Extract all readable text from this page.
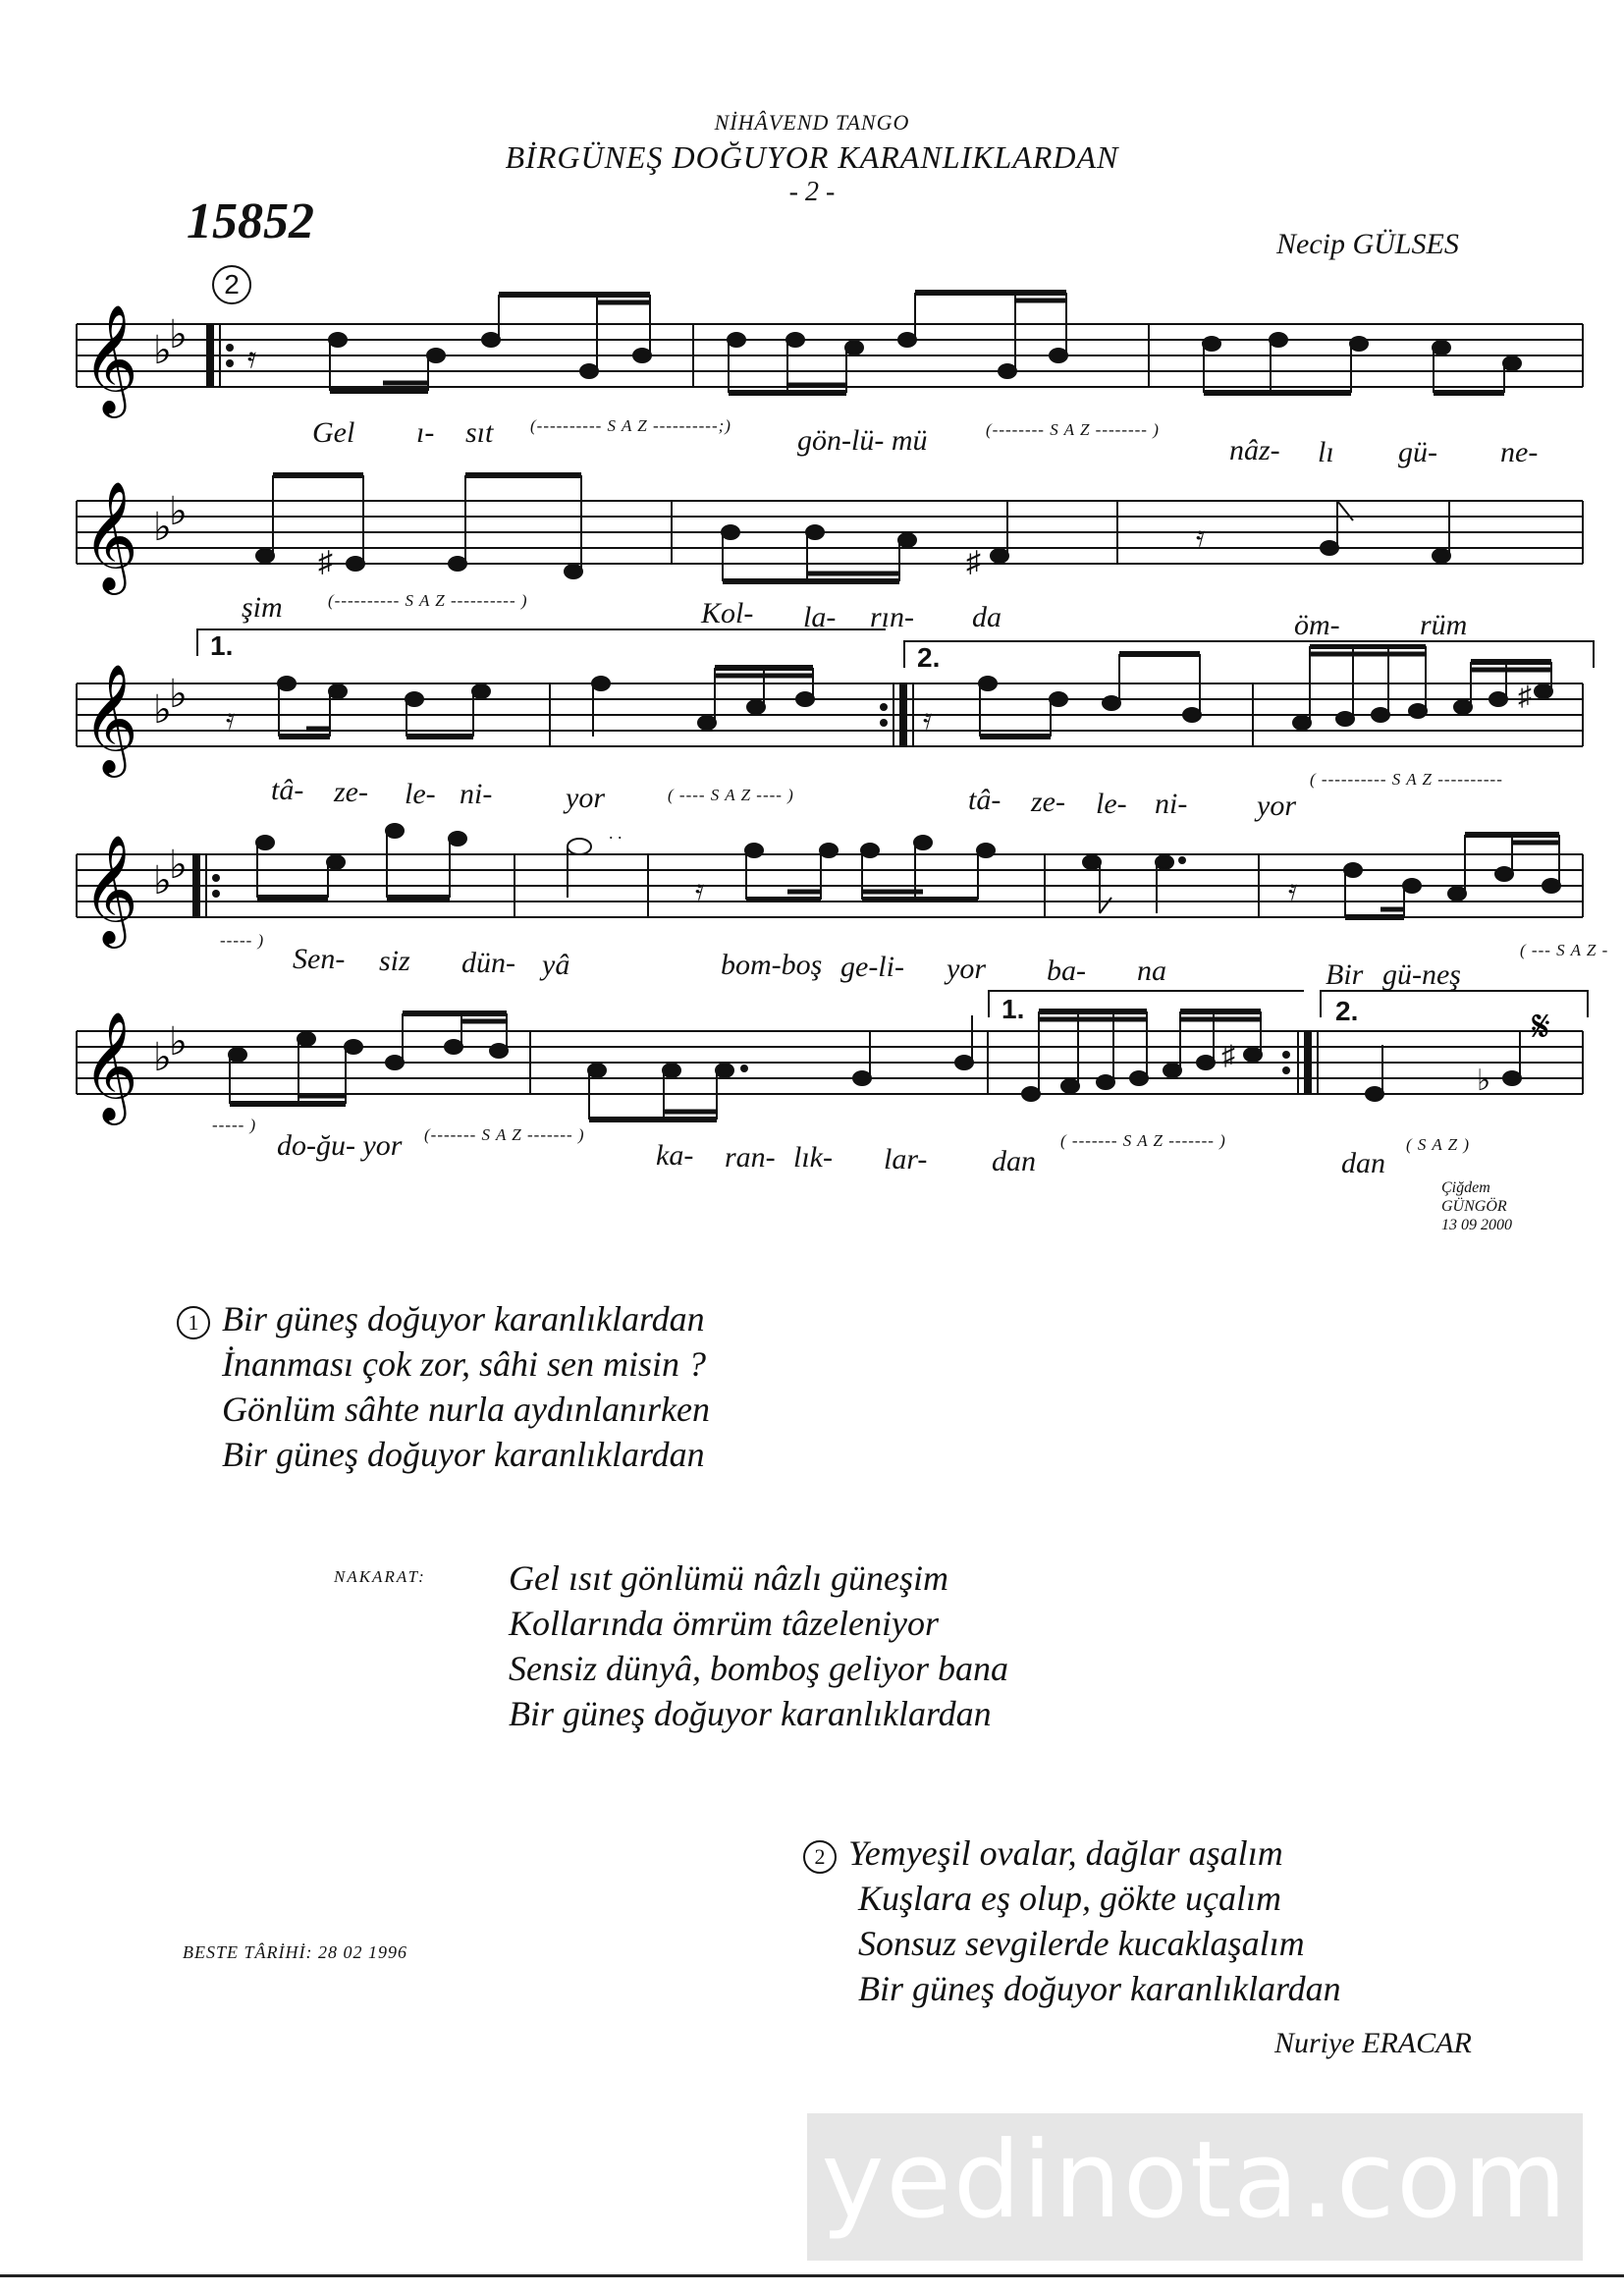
NİHÂVEND TANGO
BİRGÜNEŞ DOĞUYOR KARANLIKLARDAN
- 2 -
15852	Necip GÜLSES
2
𝄞 ♭
♭
𝄿
Gel ı- sıt (---------- S A Z ----------;) gön-lü- mü	(-------- S A Z -------- )
nâz- lı gü- ne-
𝄞 ♭
♭
♯	♯
𝄿
şim	(---------- S A Z ---------- )	Kol- la- rın- da	öm-	rüm
1.	2.
𝄞 ♭
♭
𝄿	𝄿
♯
tâ- ze- le- ni- yor	( ---- S A Z ---- )	tâ- ze- le- ni- yor
( ---------- S A Z ----------
𝄞 ♭
♭
. .
𝄿	𝄿
----- )
Sen- siz dün- yâ	bom-boş ge-li- yor ba- na	Bir gü-neş
( --- S A Z -
1.	2.
𝄞 ♭
♭	𝄋
♯
♭
----- )
do-ğu- yor (------- S A Z ------- )
ka- ran- lık- lar- dan
( ------- S A Z ------- )
dan
( S A Z )
Çiğdem
GÜNGÖR
13 09 2000
1 Bir güneş doğuyor karanlıklardan
İnanması çok zor, sâhi sen misin ?
Gönlüm sâhte nurla aydınlanırken
Bir güneş doğuyor karanlıklardan
NAKARAT: Gel ısıt gönlümü nâzlı güneşim
Kollarında ömrüm tâzeleniyor
Sensiz dünyâ, bomboş geliyor bana
Bir güneş doğuyor karanlıklardan
2 Yemyeşil ovalar, dağlar aşalım
Kuşlara eş olup, gökte uçalım
Sonsuz sevgilerde kucaklaşalım
Bir güneş doğuyor karanlıklardan
Nuriye ERACAR
BESTE TÂRİHİ: 28 02 1996
yedinota.com
